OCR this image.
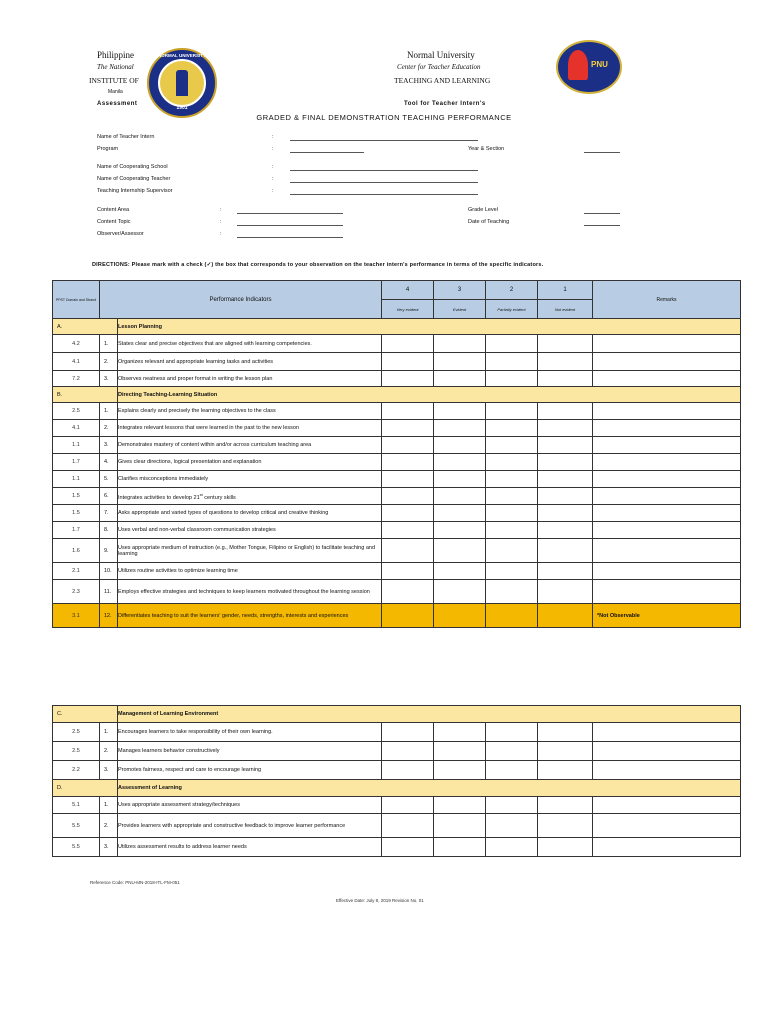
Philippine
The National
INSTITUTE OF
Manila
Assessment
NORMAL UNIVERSITY
1901
Normal University
Center for Teacher Education
TEACHING AND LEARNING
Tool for Teacher Intern's
PNU
GRADED & FINAL DEMONSTRATION TEACHING PERFORMANCE
Name of Teacher Intern	:
Program	:	Year & Section
Name of Cooperating School	:
Name of Cooperating Teacher	:
Teaching Internship Supervisor	:
Content Area	:	Grade Level
Content Topic	:	Date of Teaching
Observer/Assessor	:
DIRECTIONS: Please mark with a check (✓) the box that corresponds to your observation on the teacher intern's performance in terms of the specific indicators.
PPST Domain and Strand	Performance Indicators		4	3	2	1	Remarks
			Very evident	Evident	Partially evident	Not evident	
A.		Lesson Planning					
4.2	1.	States clear and precise objectives that are aligned with learning competencies.					
4.1	2.	Organizes relevant and appropriate learning tasks and activities					
7.2	3.	Observes neatness and proper format in writing the lesson plan					
B.		Directing Teaching-Learning Situation					
2.5	1.	Explains clearly and precisely the learning objectives to the class					
4.1	2.	Integrates relevant lessons that were learned in the past to the new lesson					
1.1	3.	Demonstrates mastery of content within and/or across curriculum teaching area					
1.7	4.	Gives clear directions, logical presentation and explanation					
1.1	5.	Clarifies misconceptions immediately					
1.5	6.	Integrates activities to develop 21st century skills					
1.5	7.	Asks appropriate and varied types of questions to develop critical and creative thinking					
1.7	8.	Uses verbal and non-verbal classroom communication strategies					
1.6	9.	Uses appropriate medium of instruction (e.g., Mother Tongue, Filipino or English) to facilitate teaching and learning					
2.1	10.	Utilizes routine activities to optimize learning time					
2.3	11.	Employs effective strategies and techniques to keep learners motivated throughout the learning session					
3.1	12.	Differentiates teaching to suit the learners' gender, needs, strengths, interests and experiences					*Not Observable
C.		Management of Learning Environment					
2.5	1.	Encourages learners to take responsibility of their own learning.					
2.5	2.	Manages learners behavior constructively					
2.2	3.	Promotes fairness, respect and care to encourage learning					
D.		Assessment of Learning					
5.1	1.	Uses appropriate assessment strategy/techniques					
5.5	2.	Provides learners with appropriate and constructive feedback to improve learner performance					
5.5	3.	Utilizes assessment results to address learner needs					
Reference Code: PNU-MN-2018-ITL-FM-051
Effective Date: July 8, 2019 Revision No. 01
